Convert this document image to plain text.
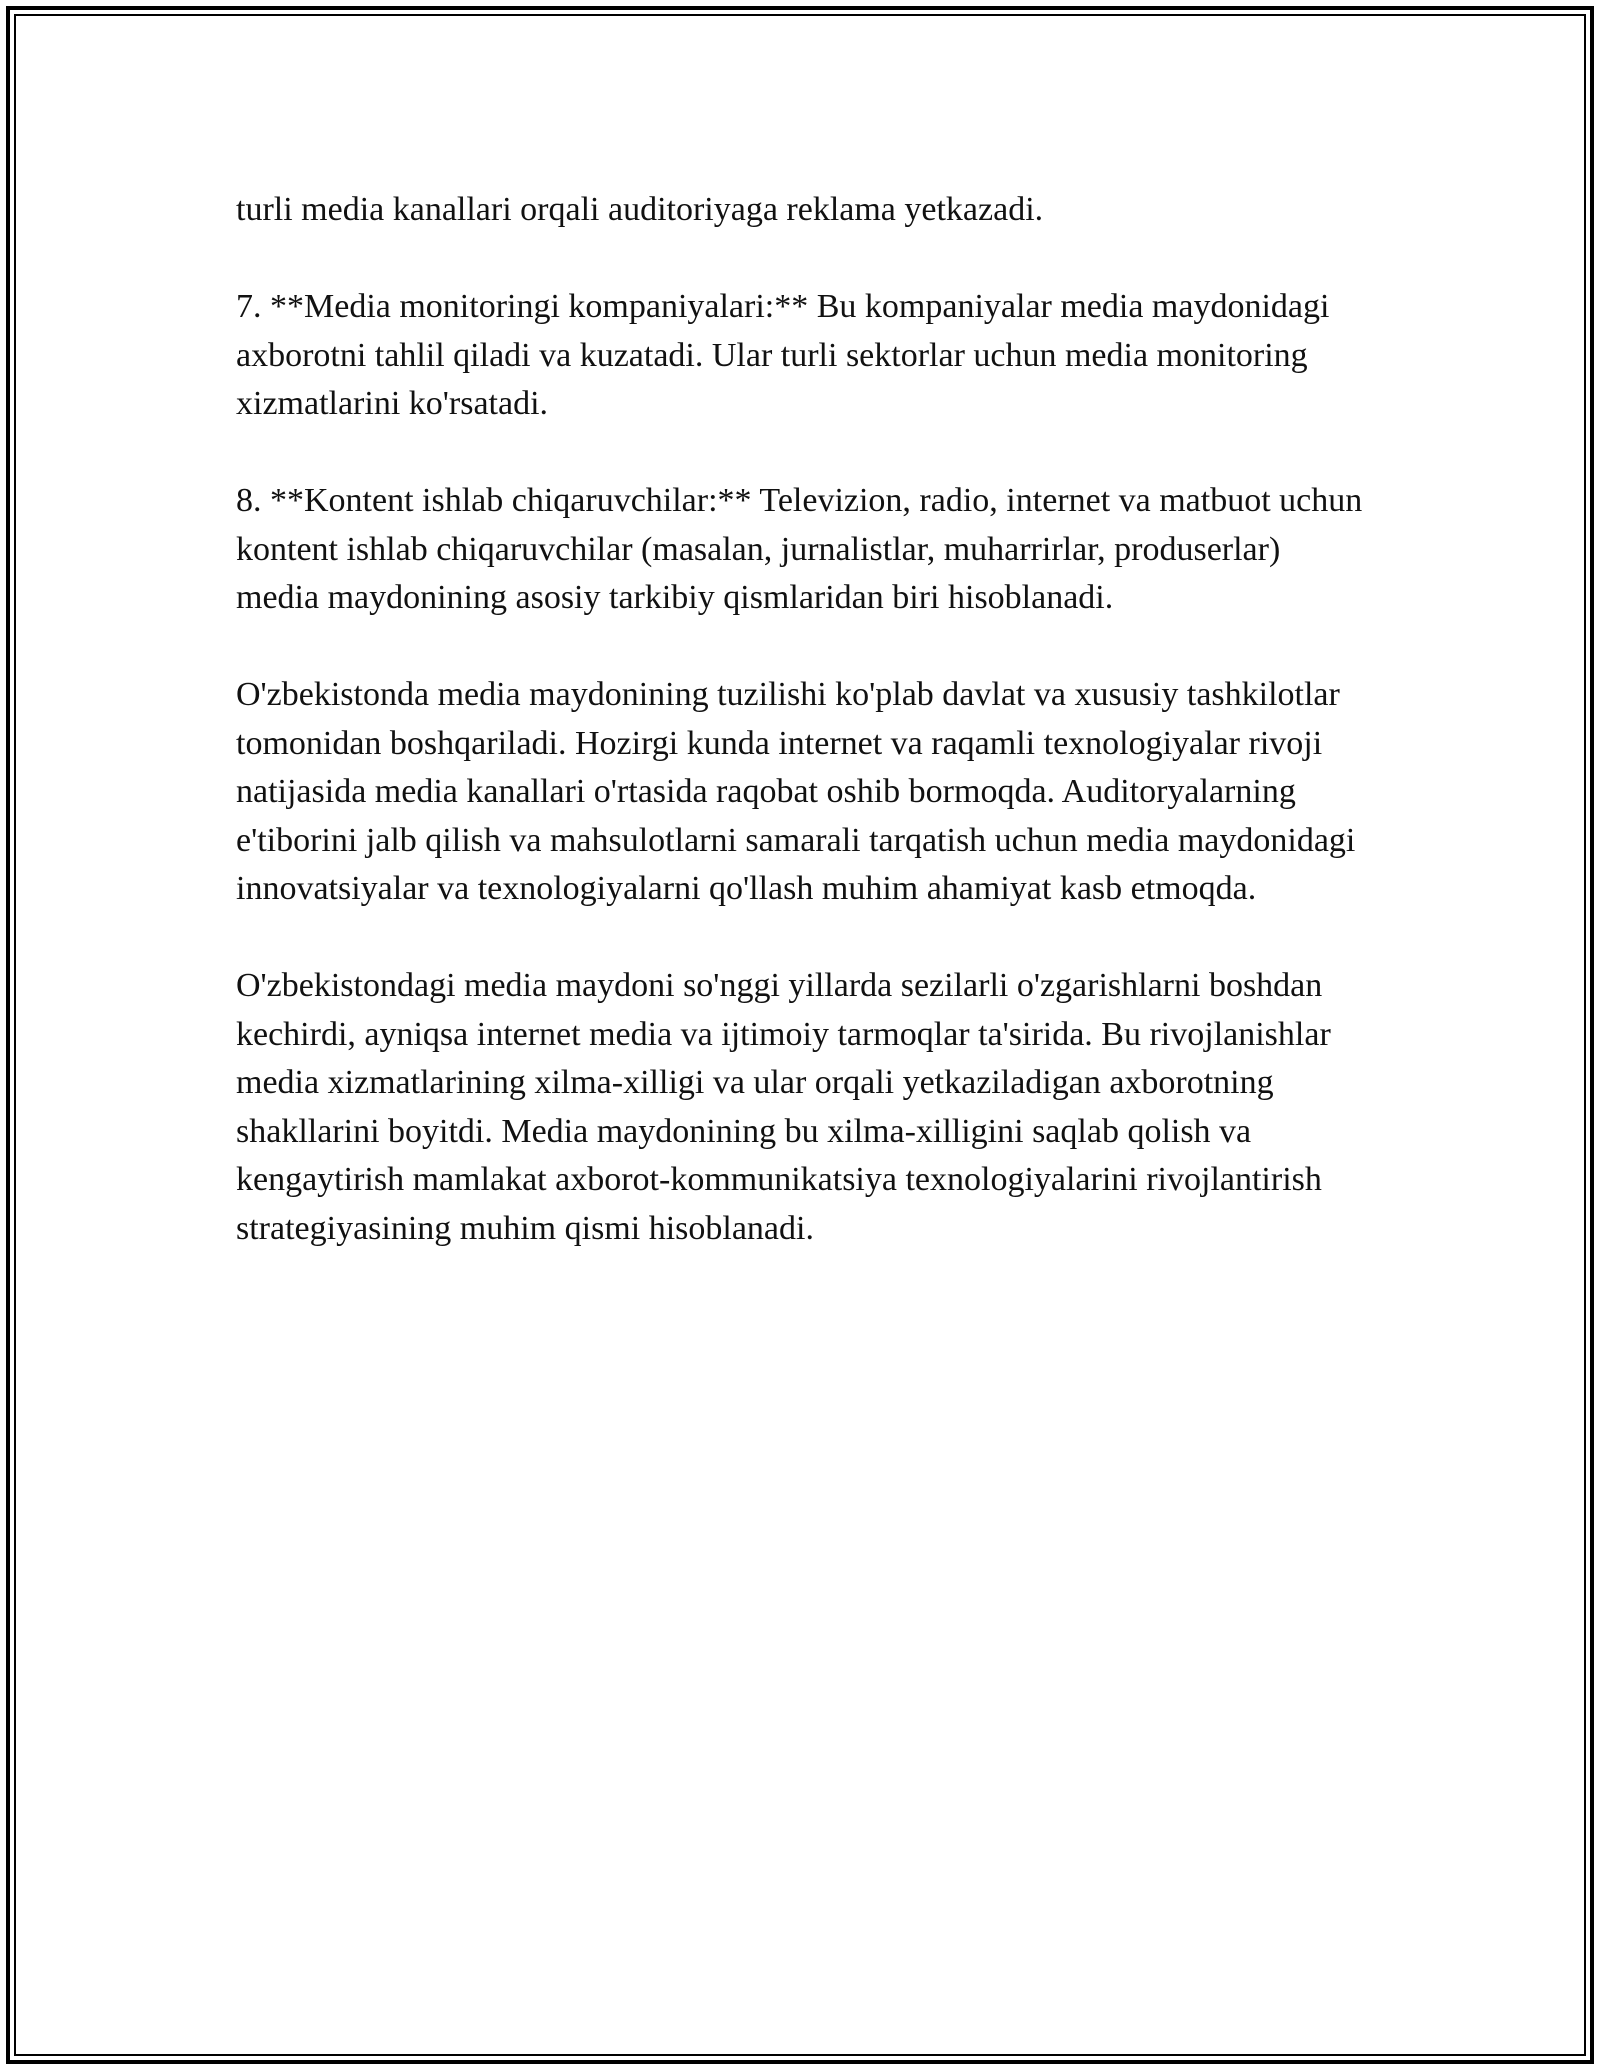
turli media kanallari orqali auditoriyaga reklama yetkazadi.

7. **Media monitoringi kompaniyalari:** Bu kompaniyalar media maydonidagi axborotni tahlil qiladi va kuzatadi. Ular turli sektorlar uchun media monitoring xizmatlarini ko'rsatadi.

8. **Kontent ishlab chiqaruvchilar:** Televizion, radio, internet va matbuot uchun kontent ishlab chiqaruvchilar (masalan, jurnalistlar, muharrirlar, produserlar) media maydonining asosiy tarkibiy qismlaridan biri hisoblanadi.

O'zbekistonda media maydonining tuzilishi ko'plab davlat va xususiy tashkilotlar tomonidan boshqariladi. Hozirgi kunda internet va raqamli texnologiyalar rivoji natijasida media kanallari o'rtasida raqobat oshib bormoqda. Auditoryalarning e'tiborini jalb qilish va mahsulotlarni samarali tarqatish uchun media maydonidagi innovatsiyalar va texnologiyalarni qo'llash muhim ahamiyat kasb etmoqda.

O'zbekistondagi media maydoni so'nggi yillarda sezilarli o'zgarishlarni boshdan kechirdi, ayniqsa internet media va ijtimoiy tarmoqlar ta'sirida. Bu rivojlanishlar media xizmatlarining xilma-xilligi va ular orqali yetkaziladigan axborotning shakllarini boyitdi. Media maydonining bu xilma-xilligini saqlab qolish va kengaytirish mamlakat axborot-kommunikatsiya texnologiyalarini rivojlantirish strategiyasining muhim qismi hisoblanadi.
